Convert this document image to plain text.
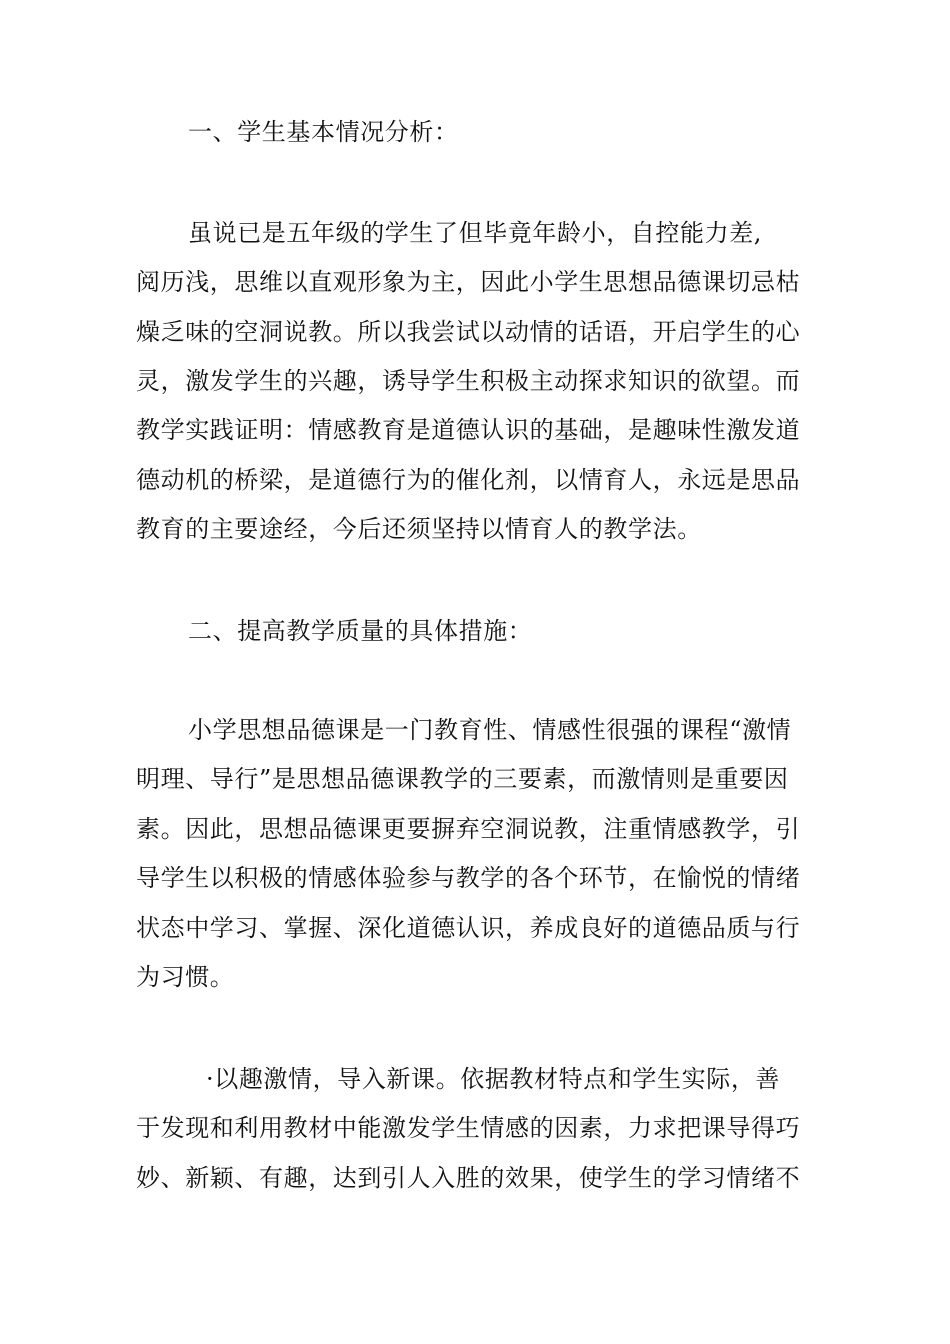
一、学生基本情况分析：
虽说已是五年级的学生了但毕竟年龄小，自控能力差,
阅历浅，思维以直观形象为主，因此小学生思想品德课切忌枯
燥乏味的空洞说教。所以我尝试以动情的话语，开启学生的心
灵，激发学生的兴趣，诱导学生积极主动探求知识的欲望。而
教学实践证明：情感教育是道德认识的基础，是趣味性激发道
德动机的桥梁，是道德行为的催化剂，以情育人，永远是思品
教育的主要途经，今后还须坚持以情育人的教学法。
二、提高教学质量的具体措施：
小学思想品德课是一门教育性、情感性很强的课程“激情
明理、导行”是思想品德课教学的三要素，而激情则是重要因
素。因此，思想品德课更要摒弃空洞说教，注重情感教学，引
导学生以积极的情感体验参与教学的各个环节，在愉悦的情绪
状态中学习、掌握、深化道德认识，养成良好的道德品质与行
为习惯。
·以趣激情，导入新课。依据教材特点和学生实际，善
于发现和利用教材中能激发学生情感的因素，力求把课导得巧
妙、新颖、有趣，达到引人入胜的效果，使学生的学习情绪不
